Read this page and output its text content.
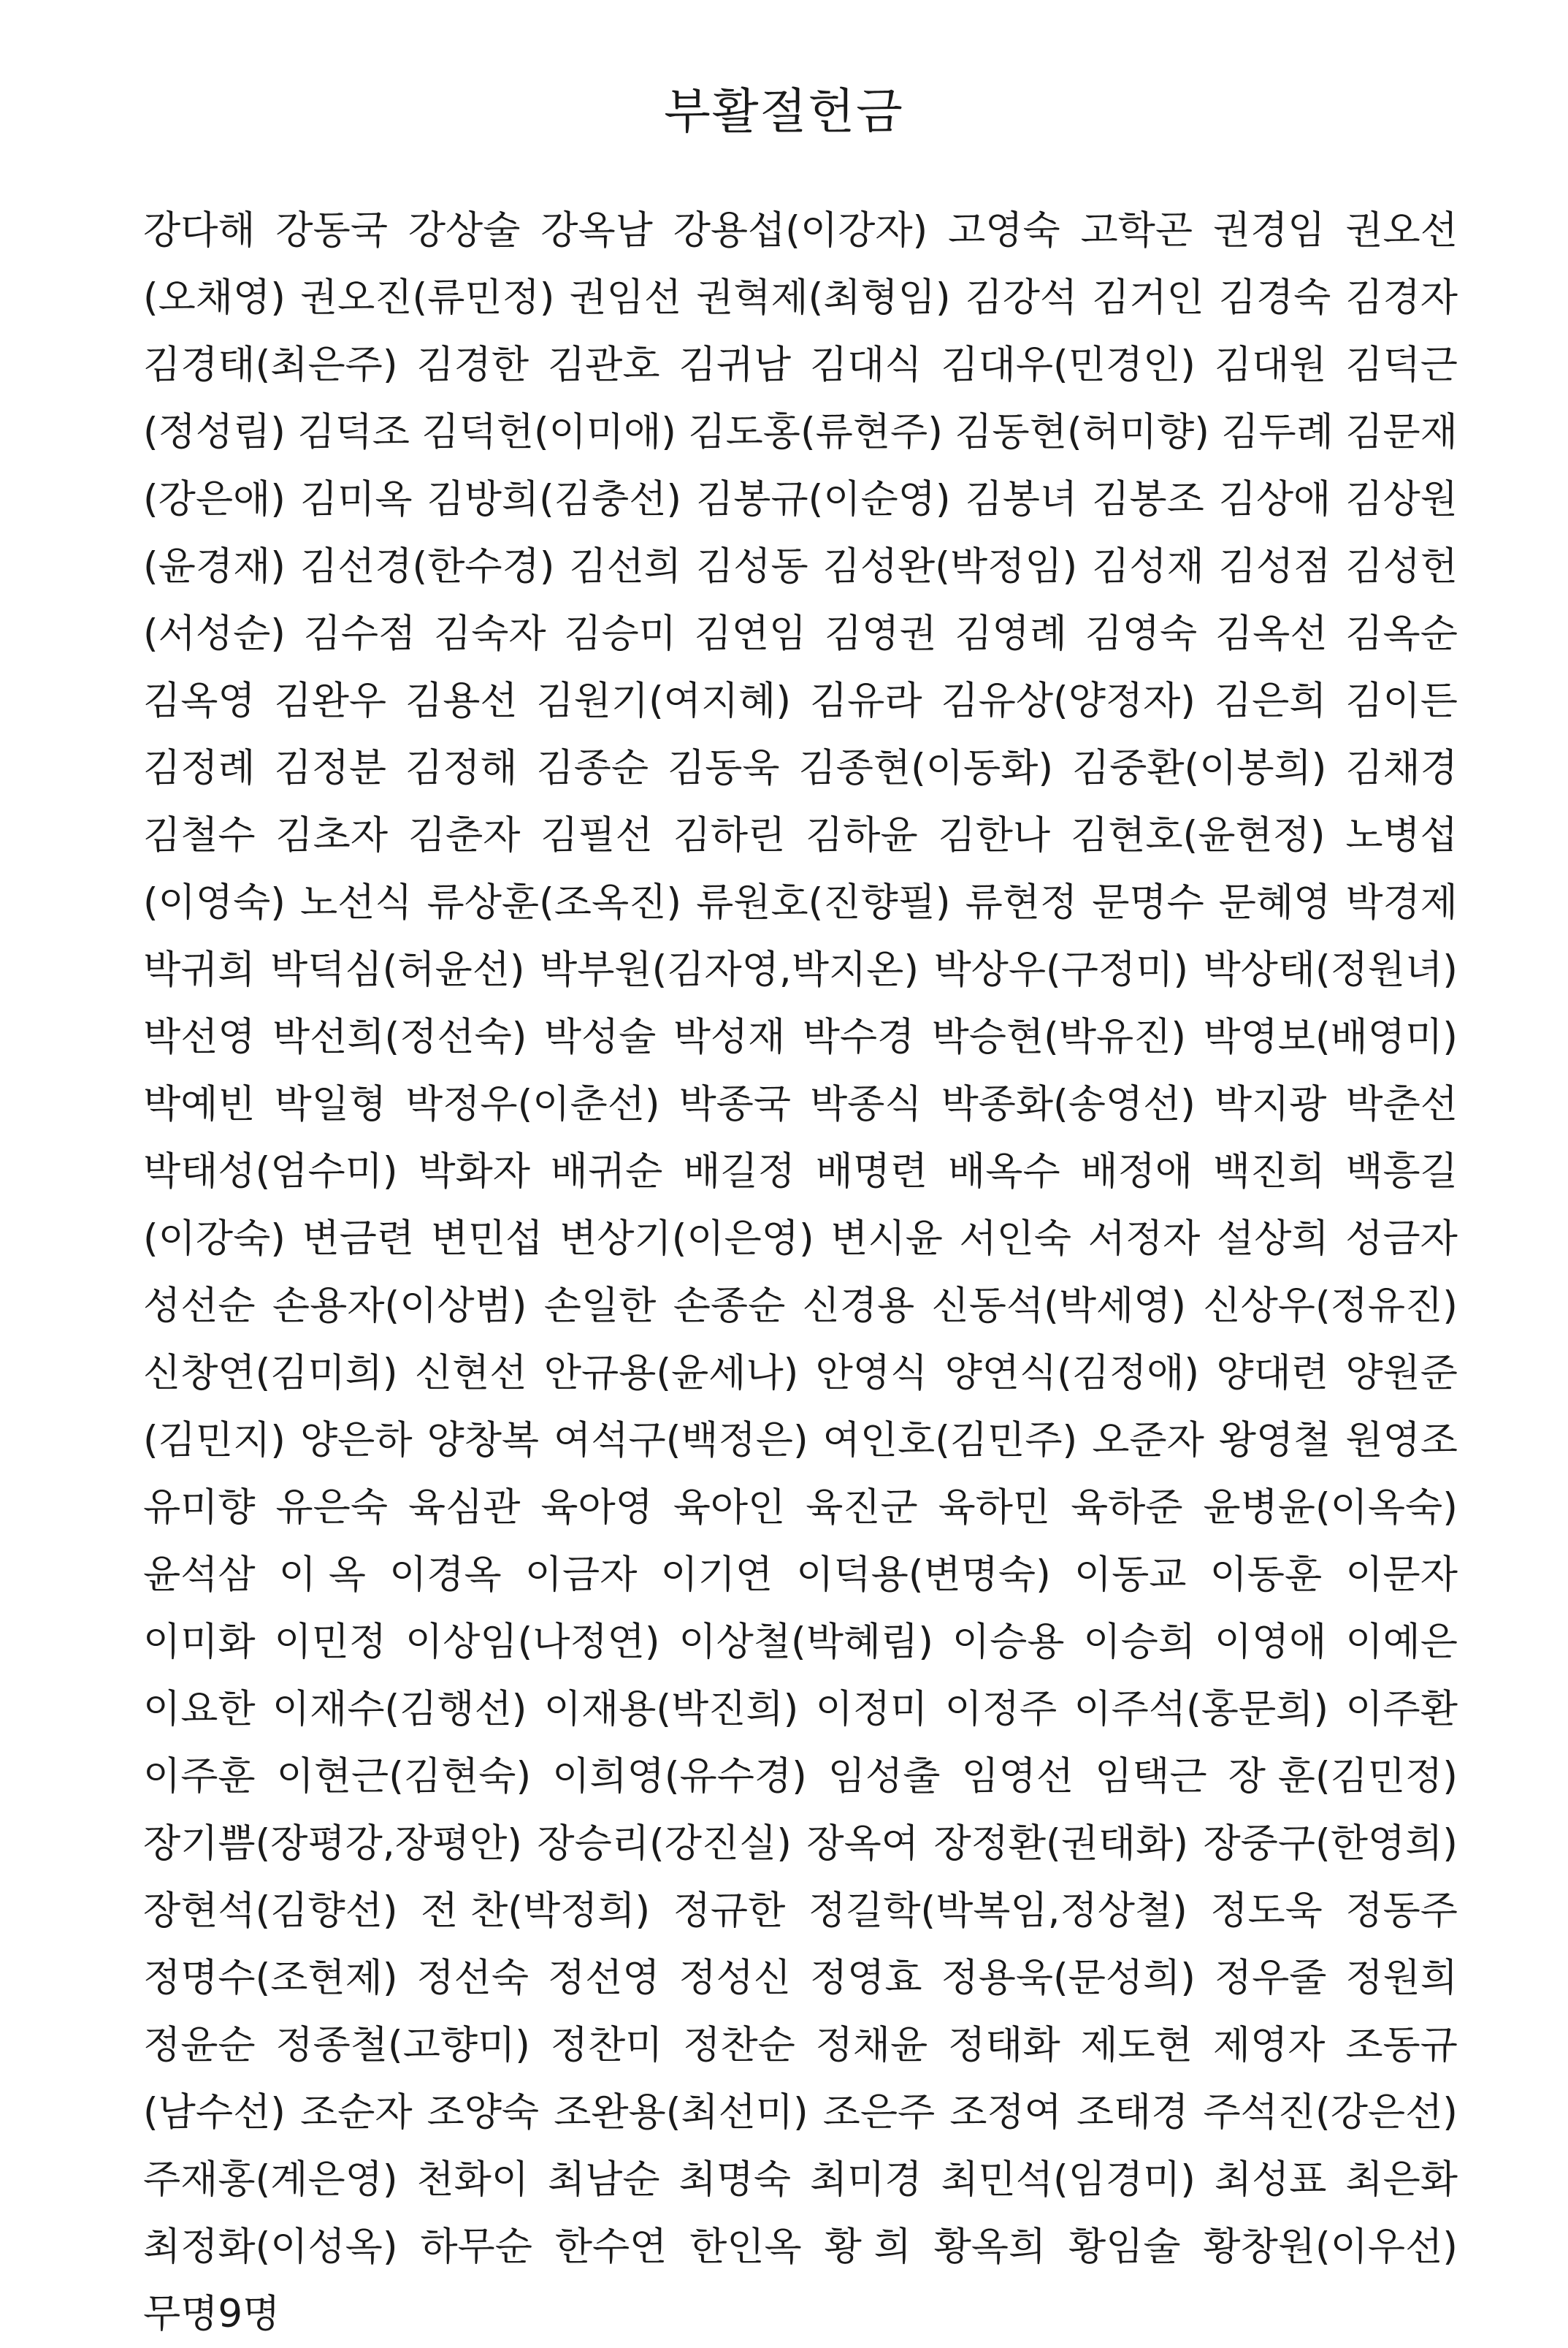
부활절헌금
강다해 강동국 강상술 강옥남 강용섭(이강자) 고영숙 고학곤 권경임 권오선
(오채영) 권오진(류민정) 권임선 권혁제(최형임) 김강석 김거인 김경숙 김경자
김경태(최은주) 김경한 김관호 김귀남 김대식 김대우(민경인) 김대원 김덕근
(정성림) 김덕조 김덕헌(이미애) 김도홍(류현주) 김동현(허미향) 김두례 김문재
(강은애) 김미옥 김방희(김충선) 김봉규(이순영) 김봉녀 김봉조 김상애 김상원
(윤경재) 김선경(한수경) 김선희 김성동 김성완(박정임) 김성재 김성점 김성헌
(서성순) 김수점 김숙자 김승미 김연임 김영권 김영례 김영숙 김옥선 김옥순
김옥영 김완우 김용선 김원기(여지혜) 김유라 김유상(양정자) 김은희 김이든
김정례 김정분 김정해 김종순 김동욱 김종현(이동화) 김중환(이봉희) 김채경
김철수 김초자 김춘자 김필선 김하린 김하윤 김한나 김현호(윤현정) 노병섭
(이영숙) 노선식 류상훈(조옥진) 류원호(진향필) 류현정 문명수 문혜영 박경제
박귀희 박덕심(허윤선) 박부원(김자영,박지온) 박상우(구정미) 박상태(정원녀)
박선영 박선희(정선숙) 박성술 박성재 박수경 박승현(박유진) 박영보(배영미)
박예빈 박일형 박정우(이춘선) 박종국 박종식 박종화(송영선) 박지광 박춘선
박태성(엄수미) 박화자 배귀순 배길정 배명련 배옥수 배정애 백진희 백흥길
(이강숙) 변금련 변민섭 변상기(이은영) 변시윤 서인숙 서정자 설상희 성금자
성선순 손용자(이상범) 손일한 손종순 신경용 신동석(박세영) 신상우(정유진)
신창연(김미희) 신현선 안규용(윤세나) 안영식 양연식(김정애) 양대련 양원준
(김민지) 양은하 양창복 여석구(백정은) 여인호(김민주) 오준자 왕영철 원영조
유미향 유은숙 육심관 육아영 육아인 육진군 육하민 육하준 윤병윤(이옥숙)
윤석삼 이 옥 이경옥 이금자 이기연 이덕용(변명숙) 이동교 이동훈 이문자
이미화 이민정 이상임(나정연) 이상철(박혜림) 이승용 이승희 이영애 이예은
이요한 이재수(김행선) 이재용(박진희) 이정미 이정주 이주석(홍문희) 이주환
이주훈 이현근(김현숙) 이희영(유수경) 임성출 임영선 임택근 장 훈(김민정)
장기쁨(장평강,장평안) 장승리(강진실) 장옥여 장정환(권태화) 장중구(한영희)
장현석(김향선) 전 찬(박정희) 정규한 정길학(박복임,정상철) 정도욱 정동주
정명수(조현제) 정선숙 정선영 정성신 정영효 정용욱(문성희) 정우줄 정원희
정윤순 정종철(고향미) 정찬미 정찬순 정채윤 정태화 제도현 제영자 조동규
(남수선) 조순자 조양숙 조완용(최선미) 조은주 조정여 조태경 주석진(강은선)
주재홍(계은영) 천화이 최남순 최명숙 최미경 최민석(임경미) 최성표 최은화
최정화(이성옥) 하무순 한수연 한인옥 황 희 황옥희 황임술 황창원(이우선)
무명9명
